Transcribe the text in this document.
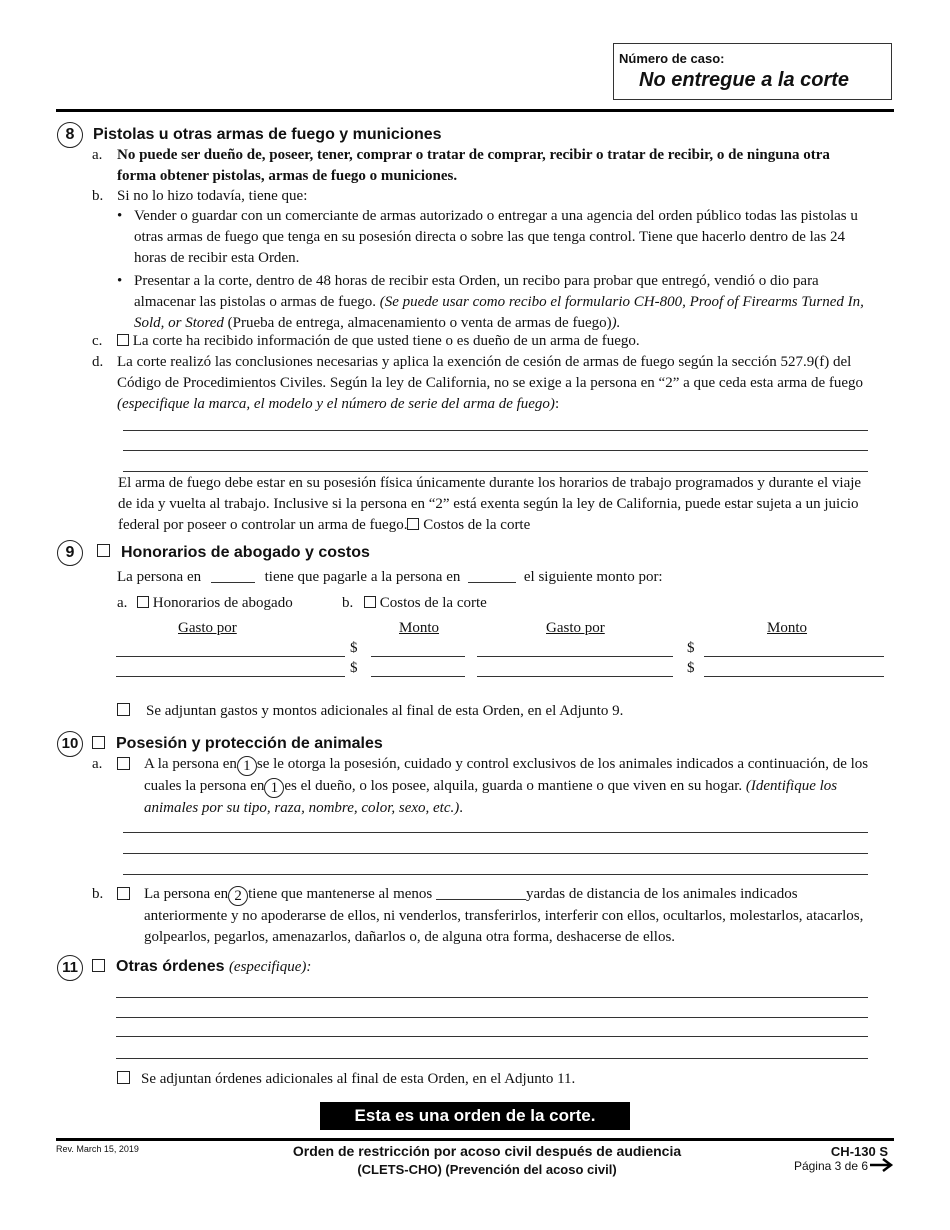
Número de caso:
No entregue a la corte
8	Pistolas u otras armas de fuego y municiones
a. No puede ser dueño de, poseer, tener, comprar o tratar de comprar, recibir o tratar de recibir, o de ninguna otra forma obtener pistolas, armas de fuego o municiones.
b. Si no lo hizo todavía, tiene que:
• Vender o guardar con un comerciante de armas autorizado o entregar a una agencia del orden público todas las pistolas u otras armas de fuego que tenga en su posesión directa o sobre las que tenga control. Tiene que hacerlo dentro de las 24 horas de recibir esta Orden.
• Presentar a la corte, dentro de 48 horas de recibir esta Orden, un recibo para probar que entregó, vendió o dio para almacenar las pistolas o armas de fuego. (Se puede usar como recibo el formulario CH-800, Proof of Firearms Turned In, Sold, or Stored (Prueba de entrega, almacenamiento o venta de armas de fuego)).
c.	La corte ha recibido información de que usted tiene o es dueño de un arma de fuego.
d. La corte realizó las conclusiones necesarias y aplica la exención de cesión de armas de fuego según la sección 527.9(f) del Código de Procedimientos Civiles. Según la ley de California, no se exige a la persona en “2” a que ceda esta arma de fuego (especifique la marca, el modelo y el número de serie del arma de fuego):
El arma de fuego debe estar en su posesión física únicamente durante los horarios de trabajo programados y durante el viaje de ida y vuelta al trabajo. Inclusive si la persona en “2” está exenta según la ley de California, puede estar sujeta a un juicio federal por poseer o controlar un arma de fuego. Costos de la corte
9	Honorarios de abogado y costos
La persona en	tiene que pagarle a la persona en	el siguiente monto por:
a.	Honorarios de abogado	b.	Costos de la corte
Gasto por	Monto	Gasto por	Monto
$	$
$	$
Se adjuntan gastos y montos adicionales al final de esta Orden, en el Adjunto 9.
10 Posesión y protección de animales
a.	A la persona en 1 se le otorga la posesión, cuidado y control exclusivos de los animales indicados a continuación, de los cuales la persona en 1 es el dueño, o los posee, alquila, guarda o mantiene o que viven en su hogar. (Identifique los animales por su tipo, raza, nombre, color, sexo, etc.).
b.	La persona en 2 tiene que mantenerse al menos	yardas de distancia de los animales indicados anteriormente y no apoderarse de ellos, ni venderlos, transferirlos, interferir con ellos, ocultarlos, molestarlos, atacarlos, golpearlos, pegarlos, amenazarlos, dañarlos o, de alguna otra forma, deshacerse de ellos.
11	Otras órdenes (especifique):
Se adjuntan órdenes adicionales al final de esta Orden, en el Adjunto 11.
Esta es una orden de la corte.
Rev. March 15, 2019	Orden de restricción por acoso civil después de audiencia
(CLETS-CHO) (Prevención del acoso civil)
CH-130 S
Página 3 de 6
